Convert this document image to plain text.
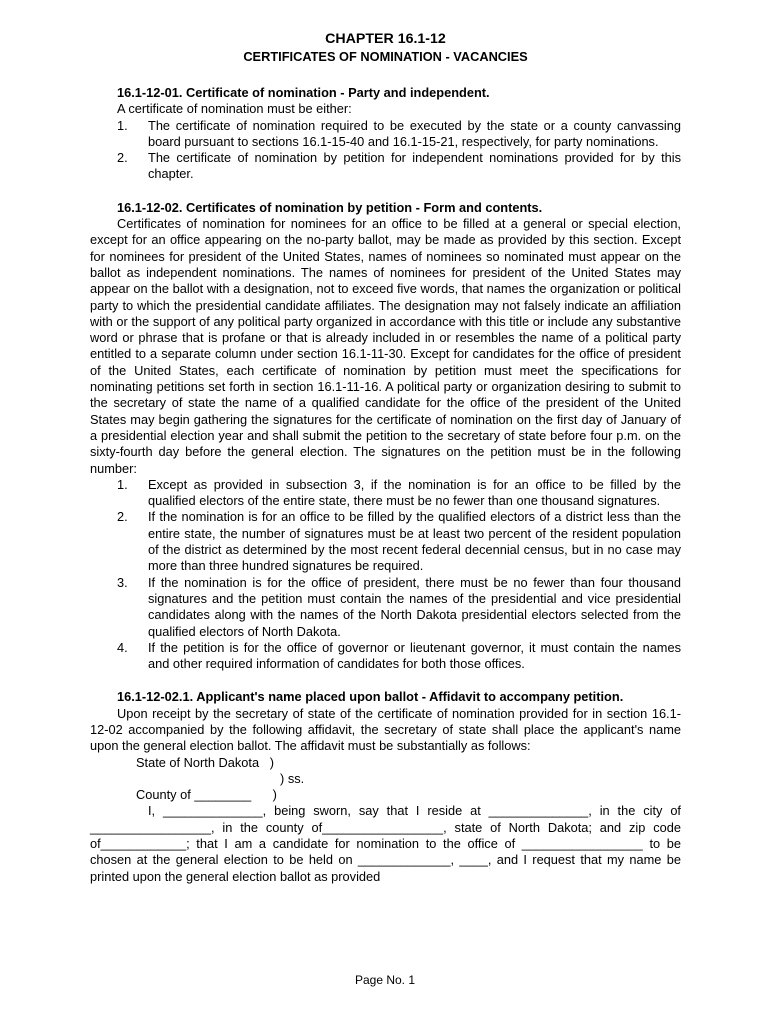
CHAPTER 16.1-12
CERTIFICATES OF NOMINATION - VACANCIES
16.1-12-01. Certificate of nomination - Party and independent.
A certificate of nomination must be either:
1. The certificate of nomination required to be executed by the state or a county canvassing board pursuant to sections 16.1-15-40 and 16.1-15-21, respectively, for party nominations.
2. The certificate of nomination by petition for independent nominations provided for by this chapter.
16.1-12-02. Certificates of nomination by petition - Form and contents.
Certificates of nomination for nominees for an office to be filled at a general or special election, except for an office appearing on the no-party ballot, may be made as provided by this section. Except for nominees for president of the United States, names of nominees so nominated must appear on the ballot as independent nominations. The names of nominees for president of the United States may appear on the ballot with a designation, not to exceed five words, that names the organization or political party to which the presidential candidate affiliates. The designation may not falsely indicate an affiliation with or the support of any political party organized in accordance with this title or include any substantive word or phrase that is profane or that is already included in or resembles the name of a political party entitled to a separate column under section 16.1-11-30. Except for candidates for the office of president of the United States, each certificate of nomination by petition must meet the specifications for nominating petitions set forth in section 16.1-11-16. A political party or organization desiring to submit to the secretary of state the name of a qualified candidate for the office of the president of the United States may begin gathering the signatures for the certificate of nomination on the first day of January of a presidential election year and shall submit the petition to the secretary of state before four p.m. on the sixty-fourth day before the general election. The signatures on the petition must be in the following number:
1. Except as provided in subsection 3, if the nomination is for an office to be filled by the qualified electors of the entire state, there must be no fewer than one thousand signatures.
2. If the nomination is for an office to be filled by the qualified electors of a district less than the entire state, the number of signatures must be at least two percent of the resident population of the district as determined by the most recent federal decennial census, but in no case may more than three hundred signatures be required.
3. If the nomination is for the office of president, there must be no fewer than four thousand signatures and the petition must contain the names of the presidential and vice presidential candidates along with the names of the North Dakota presidential electors selected from the qualified electors of North Dakota.
4. If the petition is for the office of governor or lieutenant governor, it must contain the names and other required information of candidates for both those offices.
16.1-12-02.1. Applicant's name placed upon ballot - Affidavit to accompany petition.
Upon receipt by the secretary of state of the certificate of nomination provided for in section 16.1-12-02 accompanied by the following affidavit, the secretary of state shall place the applicant's name upon the general election ballot. The affidavit must be substantially as follows:
State of North Dakota   )
) ss.
County of ________      )
I, ______________, being sworn, say that I reside at ______________, in the city of _________________, in the county of_________________, state of North Dakota; and zip code of____________; that I am a candidate for nomination to the office of _________________ to be chosen at the general election to be held on _____________, ____, and I request that my name be printed upon the general election ballot as provided
Page No. 1
